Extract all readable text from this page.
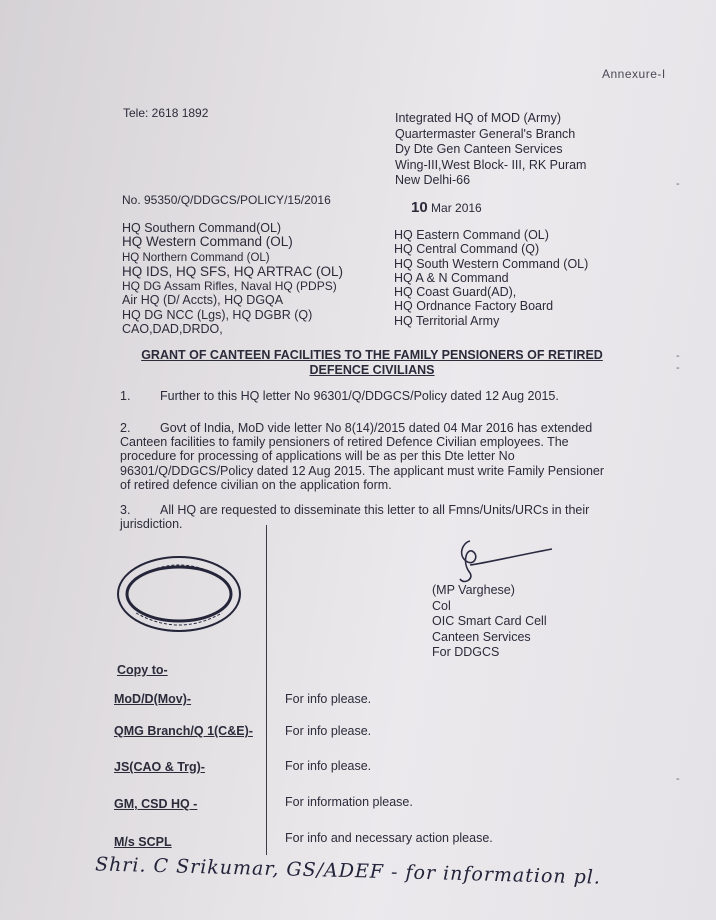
Annexure-I
Tele: 2618 1892	Integrated HQ of MOD (Army)
Quartermaster General's Branch
Dy Dte Gen Canteen Services
Wing-III,West Block- III, RK Puram
New Delhi-66
No. 95350/Q/DDGCS/POLICY/15/2016	10 Mar 2016
HQ Southern Command(OL)
HQ Western Command (OL)
HQ Northern Command (OL)
HQ IDS, HQ SFS, HQ ARTRAC (OL)
HQ DG Assam Rifles, Naval HQ (PDPS)
Air HQ (D/ Accts), HQ DGQA
HQ DG NCC (Lgs), HQ DGBR (Q)
CAO,DAD,DRDO,
HQ Eastern Command (OL)
HQ Central Command (Q)
HQ South Western Command (OL)
HQ A & N Command
HQ Coast Guard(AD),
HQ Ordnance Factory Board
HQ Territorial Army
GRANT OF CANTEEN FACILITIES TO THE FAMILY PENSIONERS OF RETIRED DEFENCE CIVILIANS
1. Further to this HQ letter No 96301/Q/DDGCS/Policy dated 12 Aug 2015.
2. Govt of India, MoD vide letter No 8(14)/2015 dated 04 Mar 2016 has extended Canteen facilities to family pensioners of retired Defence Civilian employees. The procedure for processing of applications will be as per this Dte letter No 96301/Q/DDGCS/Policy dated 12 Aug 2015. The applicant must write Family Pensioner of retired defence civilian on the application form.
3. All HQ are requested to disseminate this letter to all Fmns/Units/URCs in their jurisdiction.
(MP Varghese)
Col
OIC Smart Card Cell
Canteen Services
For DDGCS
Copy to-
MoD/D(Mov)-	For info please.
QMG Branch/Q 1(C&E)-	For info please.
JS(CAO & Trg)-	For info please.
GM, CSD HQ -	For information please.
M/s SCPL	For info and necessary action please.
Shri. C Srikumar, GS/ADEF - for information pl.
-
-
-
-
